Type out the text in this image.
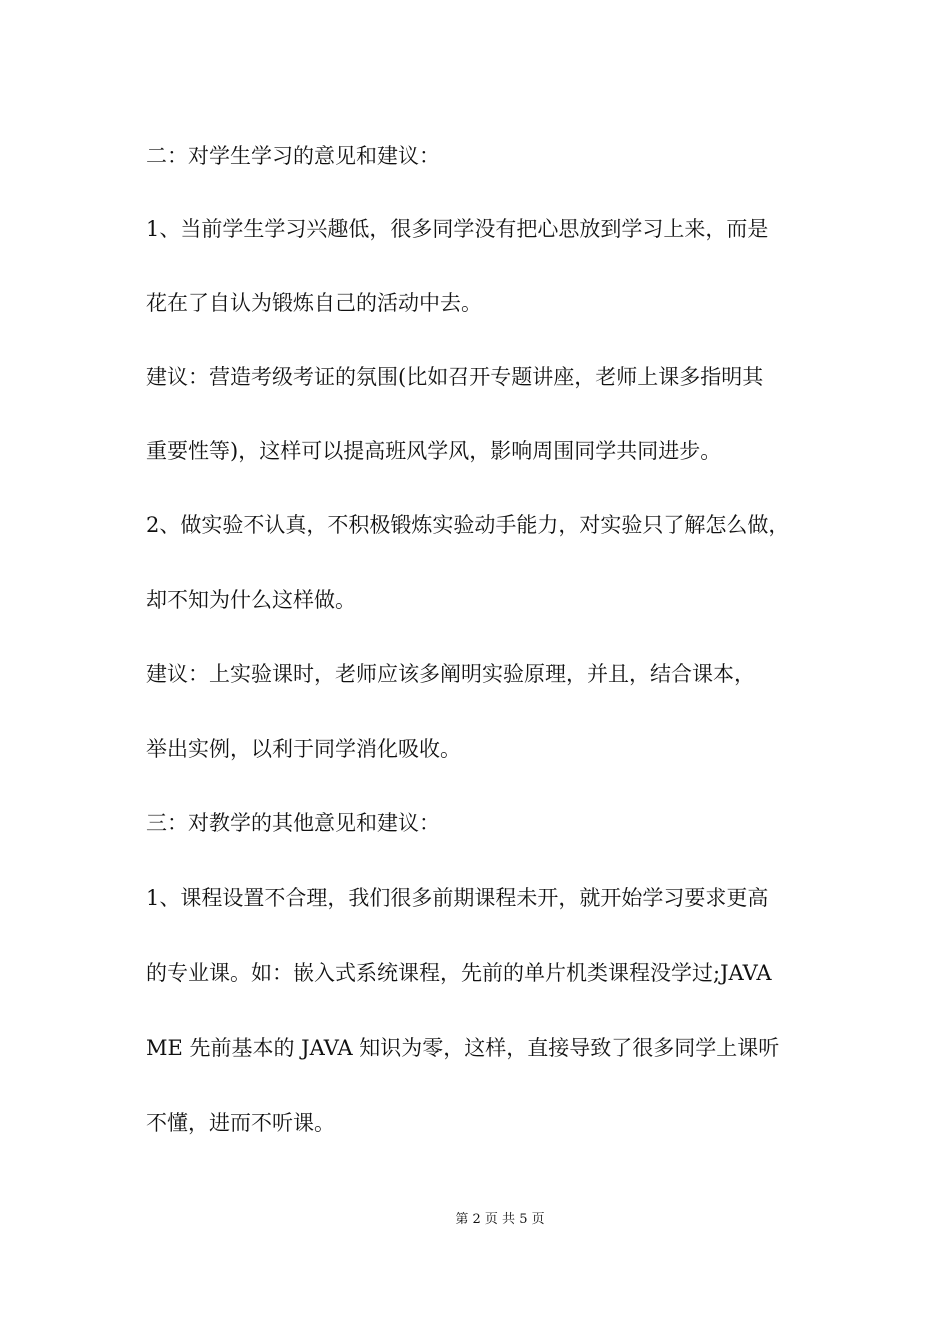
二：对学生学习的意见和建议：
1、当前学生学习兴趣低，很多同学没有把心思放到学习上来，而是
花在了自认为锻炼自己的活动中去。
建议：营造考级考证的氛围(比如召开专题讲座，老师上课多指明其
重要性等)，这样可以提高班风学风，影响周围同学共同进步。
2、做实验不认真，不积极锻炼实验动手能力，对实验只了解怎么做，
却不知为什么这样做。
建议：上实验课时，老师应该多阐明实验原理，并且，结合课本，
举出实例，以利于同学消化吸收。
三：对教学的其他意见和建议：
1、课程设置不合理，我们很多前期课程未开，就开始学习要求更高
的专业课。如：嵌入式系统课程，先前的单片机类课程没学过;JAVA
ME 先前基本的 JAVA 知识为零，这样，直接导致了很多同学上课听
不懂，进而不听课。
第 2 页 共 5 页
